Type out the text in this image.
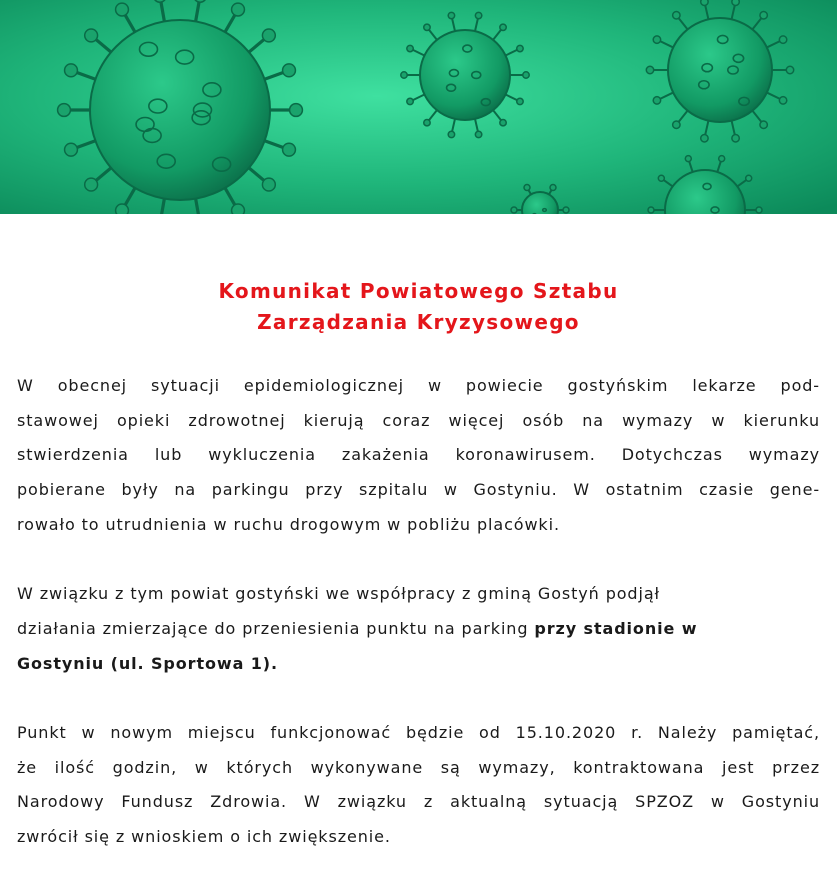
Komunikat Powiatowego Sztabu
Zarządzania Kryzysowego
W obecnej sytuacji epidemiologicznej w powiecie gostyńskim lekarze pod-
stawowej opieki zdrowotnej kierują coraz więcej osób na wymazy w kierunku
stwierdzenia lub wykluczenia zakażenia koronawirusem. Dotychczas wymazy
pobierane były na parkingu przy szpitalu w Gostyniu. W ostatnim czasie gene-
rowało to utrudnienia w ruchu drogowym w pobliżu placówki.
W związku z tym powiat gostyński we współpracy z gminą Gostyń podjął
działania zmierzające do przeniesienia punktu na parking przy stadionie w
Gostyniu (ul. Sportowa 1).
Punkt w nowym miejscu funkcjonować będzie od 15.10.2020 r. Należy pamiętać,
że ilość godzin, w których wykonywane są wymazy, kontraktowana jest przez
Narodowy Fundusz Zdrowia. W związku z aktualną sytuacją SPZOZ w Gostyniu
zwrócił się z wnioskiem o ich zwiększenie.
